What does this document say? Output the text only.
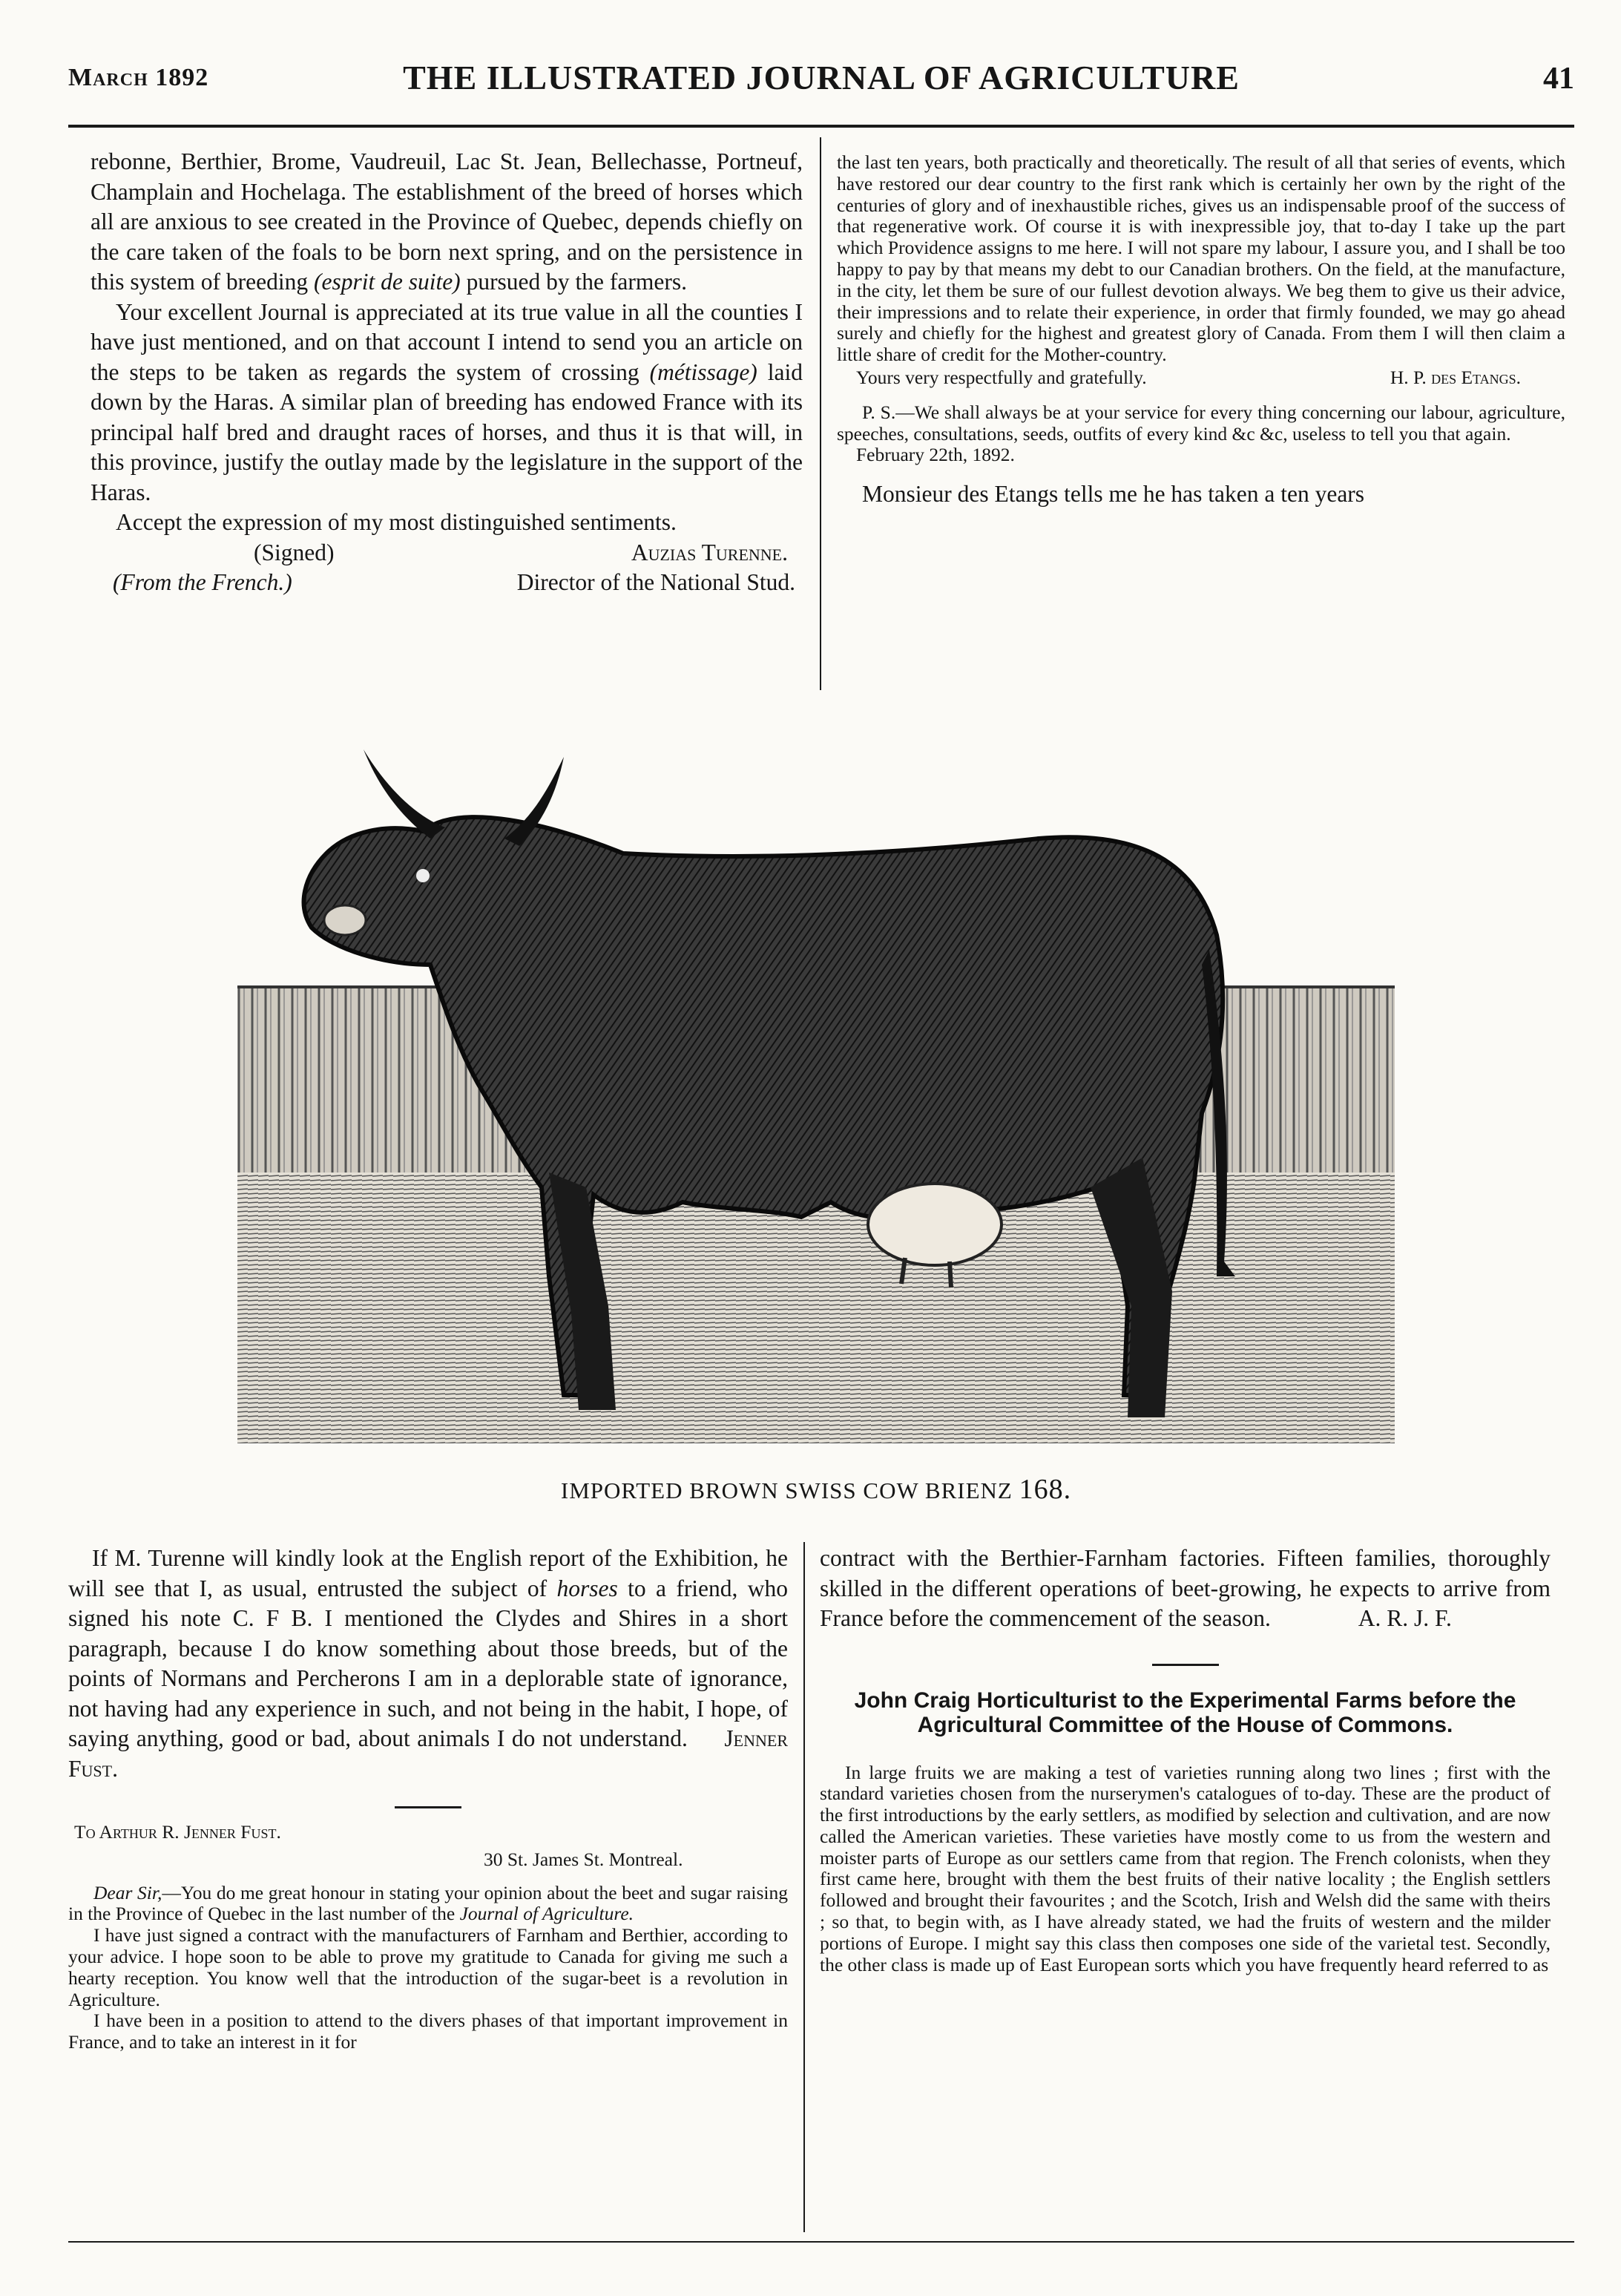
March 1892	THE ILLUSTRATED JOURNAL OF AGRICULTURE	41

rebonne, Berthier, Brome, Vaudreuil, Lac St. Jean, Bellechasse, Portneuf, Champlain and Hochelaga. The establishment of the breed of horses which all are anxious to see created in the Province of Quebec, depends chiefly on the care taken of the foals to be born next spring, and on the persistence in this system of breeding (esprit de suite) pursued by the farmers.

Your excellent Journal is appreciated at its true value in all the counties I have just mentioned, and on that account I intend to send you an article on the steps to be taken as regards the system of crossing (métissage) laid down by the Haras. A similar plan of breeding has endowed France with its principal half bred and draught races of horses, and thus it is that will, in this province, justify the outlay made by the legislature in the support of the Haras.

Accept the expression of my most distinguished sentiments.

(Signed)	Auzias Turenne.
(From the French.)	Director of the National Stud.

the last ten years, both practically and theoretically. The result of all that series of events, which have restored our dear country to the first rank which is certainly her own by the right of the centuries of glory and of inexhaustible riches, gives us an indispensable proof of the success of that regenerative work. Of course it is with inexpressible joy, that to-day I take up the part which Providence assigns to me here. I will not spare my labour, I assure you, and I shall be too happy to pay by that means my debt to our Canadian brothers. On the field, at the manufacture, in the city, let them be sure of our fullest devotion always. We beg them to give us their advice, their impressions and to relate their experience, in order that firmly founded, we may go ahead surely and chiefly for the highest and greatest glory of Canada. From them I will then claim a little share of credit for the Mother-country.

Yours very respectfully and gratefully.	H. P. des Etangs.

P. S.—We shall always be at your service for every thing concerning our labour, agriculture, speeches, consultations, seeds, outfits of every kind &c &c, useless to tell you that again.

February 22th, 1892.

Monsieur des Etangs tells me he has taken a ten years

IMPORTED BROWN SWISS COW BRIENZ 168.

If M. Turenne will kindly look at the English report of the Exhibition, he will see that I, as usual, entrusted the subject of horses to a friend, who signed his note C. F B. I mentioned the Clydes and Shires in a short paragraph, because I do know something about those breeds, but of the points of Normans and Percherons I am in a deplorable state of ignorance, not having had any experience in such, and not being in the habit, I hope, of saying anything, good or bad, about animals I do not understand. Jenner Fust.

To Arthur R. Jenner Fust.
30 St. James St. Montreal.

Dear Sir,—You do me great honour in stating your opinion about the beet and sugar raising in the Province of Quebec in the last number of the Journal of Agriculture.

I have just signed a contract with the manufacturers of Farnham and Berthier, according to your advice. I hope soon to be able to prove my gratitude to Canada for giving me such a hearty reception. You know well that the introduction of the sugar-beet is a revolution in Agriculture.

I have been in a position to attend to the divers phases of that important improvement in France, and to take an interest in it for

contract with the Berthier-Farnham factories. Fifteen families, thoroughly skilled in the different operations of beet-growing, he expects to arrive from France before the commencement of the season.	A. R. J. F.

John Craig Horticulturist to the Experimental Farms before the Agricultural Committee of the House of Commons.

In large fruits we are making a test of varieties running along two lines ; first with the standard varieties chosen from the nurserymen's catalogues of to-day. These are the product of the first introductions by the early settlers, as modified by selection and cultivation, and are now called the American varieties. These varieties have mostly come to us from the western and moister parts of Europe as our settlers came from that region. The French colonists, when they first came here, brought with them the best fruits of their native locality ; the English settlers followed and brought their favourites ; and the Scotch, Irish and Welsh did the same with theirs ; so that, to begin with, as I have already stated, we had the fruits of western and the milder portions of Europe. I might say this class then composes one side of the varietal test. Secondly, the other class is made up of East European sorts which you have frequently heard referred to as
